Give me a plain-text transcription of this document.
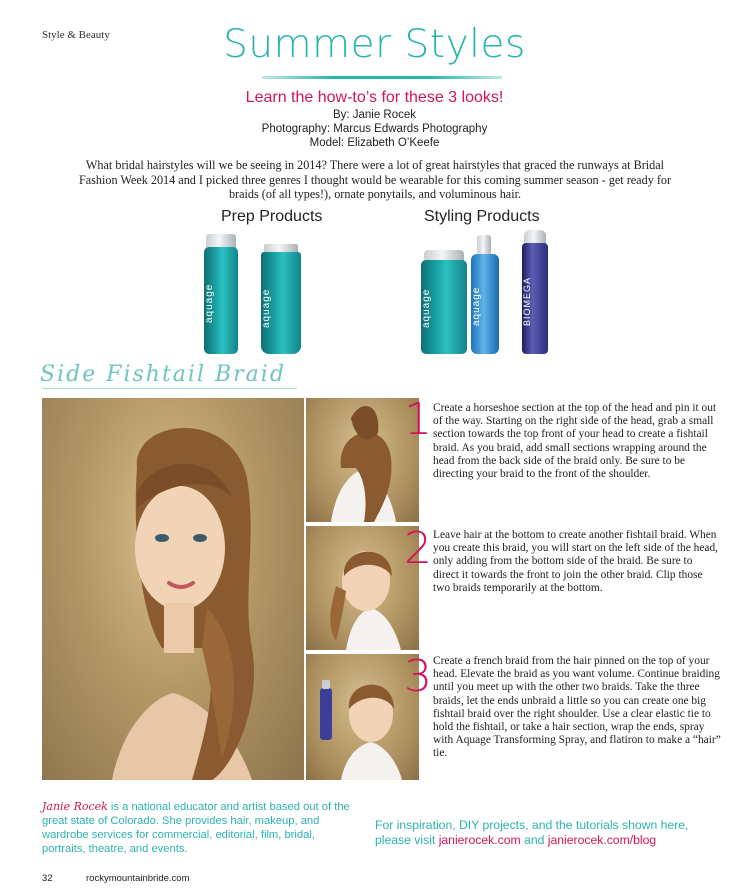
Style & Beauty	Summer Styles
Learn the how-to’s for these 3 looks!
By: Janie Rocek
Photography: Marcus Edwards Photography
Model: Elizabeth O’Keefe

What bridal hairstyles will we be seeing in 2014? There were a lot of great hairstyles that graced the runways at Bridal Fashion Week 2014 and I picked three genres I thought would be wearable for this coming summer season - get ready for braids (of all types!), ornate ponytails, and voluminous hair.

Prep Products	Styling Products
aquage	aquage	aquage	aquage	BIOMEGA
Side Fishtail Braid
1 Create a horseshoe section at the top of the head and pin it out of the way. Starting on the right side of the head, grab a small section towards the top front of your head to create a fishtail braid. As you braid, add small sections wrapping around the head from the back side of the braid only. Be sure to be directing your braid to the front of the shoulder.

2 Leave hair at the bottom to create another fishtail braid. When you create this braid, you will start on the left side of the head, only adding from the bottom side of the braid. Be sure to direct it towards the front to join the other braid. Clip those two braids temporarily at the bottom.

3 Create a french braid from the hair pinned on the top of your head. Elevate the braid as you want volume. Continue braiding until you meet up with the other two braids. Take the three braids, let the ends unbraid a little so you can create one big fishtail braid over the right shoulder. Use a clear elastic tie to hold the fishtail, or take a hair section, wrap the ends, spray with Aquage Transforming Spray, and flatiron to make a “hair” tie.

Janie Rocek is a national educator and artist based out of the great state of Colorado. She provides hair, makeup, and wardrobe services for commercial, editorial, film, bridal, portraits, theatre, and events.

For inspiration, DIY projects, and the tutorials shown here, please visit janierocek.com and janierocek.com/blog

32	rockymountainbride.com
